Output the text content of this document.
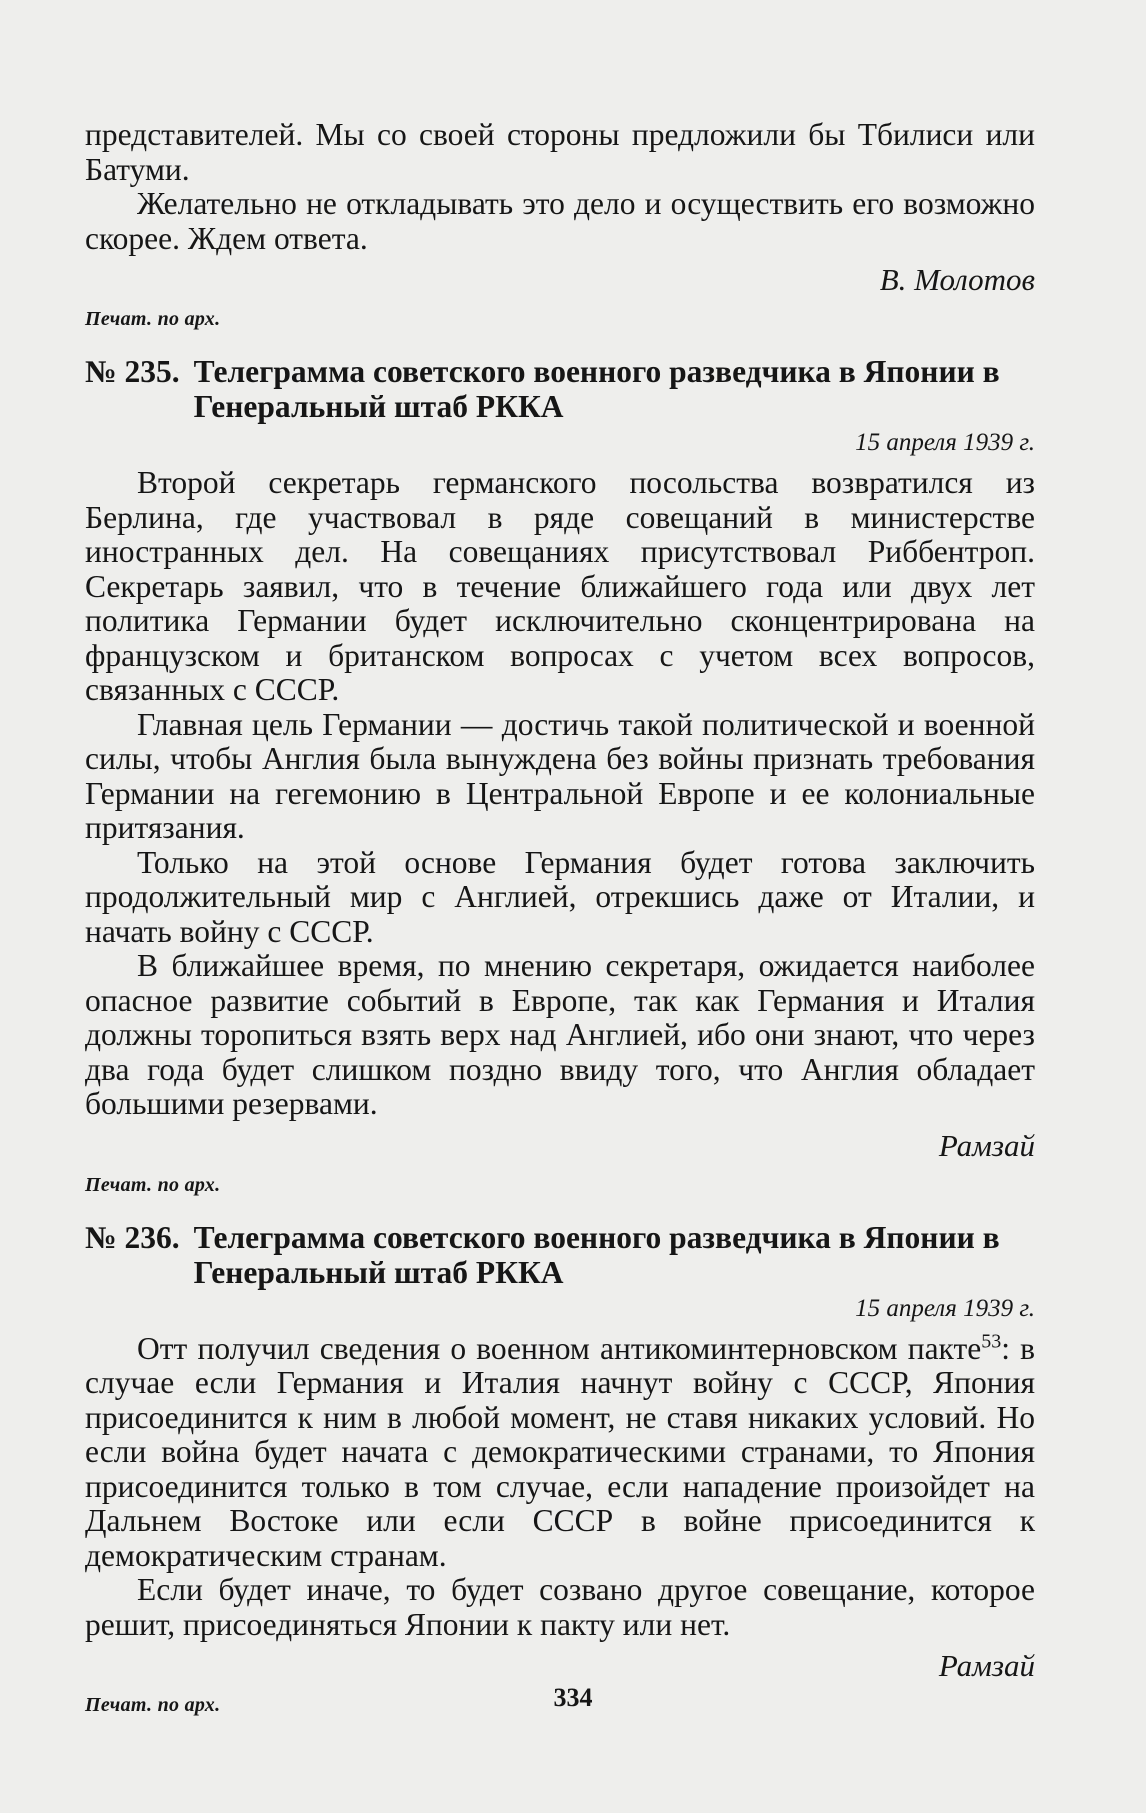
представителей. Мы со своей стороны предложили бы Тбилиси или Батуми.

Желательно не откладывать это дело и осуществить его возможно скорее. Ждем ответа.

В. Молотов

Печат. по арх.

№ 235. Телеграмма советского военного разведчика в Японии в Генеральный штаб РККА

15 апреля 1939 г.

Второй секретарь германского посольства возвратился из Берлина, где участвовал в ряде совещаний в министерстве иностранных дел. На совещаниях присутствовал Риббентроп. Секретарь заявил, что в течение ближайшего года или двух лет политика Германии будет исключительно сконцентрирована на французском и британском вопросах с учетом всех вопросов, связанных с СССР.

Главная цель Германии — достичь такой политической и военной силы, чтобы Англия была вынуждена без войны признать требования Германии на гегемонию в Центральной Европе и ее колониальные притязания.

Только на этой основе Германия будет готова заключить продолжительный мир с Англией, отрекшись даже от Италии, и начать войну с СССР.

В ближайшее время, по мнению секретаря, ожидается наиболее опасное развитие событий в Европе, так как Германия и Италия должны торопиться взять верх над Англией, ибо они знают, что через два года будет слишком поздно ввиду того, что Англия обладает большими резервами.

Рамзай

Печат. по арх.

№ 236. Телеграмма советского военного разведчика в Японии в Генеральный штаб РККА

15 апреля 1939 г.

Отт получил сведения о военном антикоминтерновском пакте$^{53}$: в случае если Германия и Италия начнут войну с СССР, Япония присоединится к ним в любой момент, не ставя никаких условий. Но если война будет начата с демократическими странами, то Япония присоединится только в том случае, если нападение произойдет на Дальнем Востоке или если СССР в войне присоединится к демократическим странам.

Если будет иначе, то будет созвано другое совещание, которое решит, присоединяться Японии к пакту или нет.

Рамзай

Печат. по арх.	334
